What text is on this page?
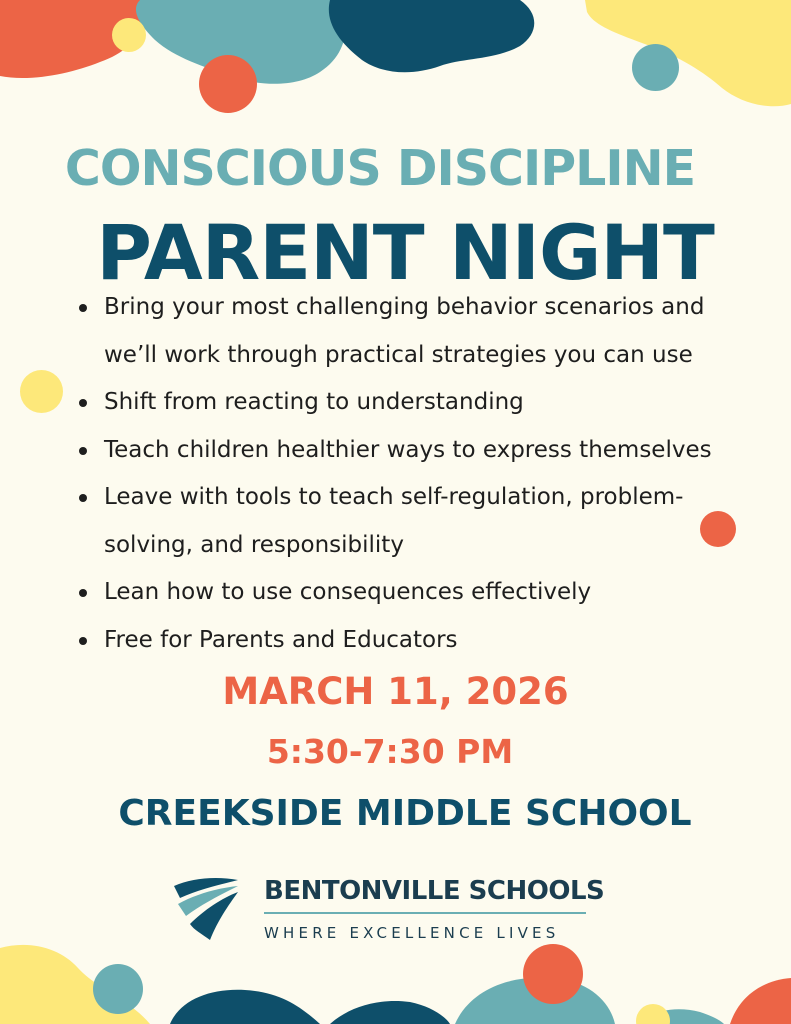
CONSCIOUS DISCIPLINE
PARENT NIGHT
Bring your most challenging behavior scenarios and
we’ll work through practical strategies you can use
Shift from reacting to understanding
Teach children healthier ways to express themselves
Leave with tools to teach self-regulation, problem-
solving, and responsibility
Lean how to use consequences effectively
Free for Parents and Educators
MARCH 11, 2026
5:30-7:30 PM
CREEKSIDE MIDDLE SCHOOL
BENTONVILLE SCHOOLS
WHERE EXCELLENCE LIVES
